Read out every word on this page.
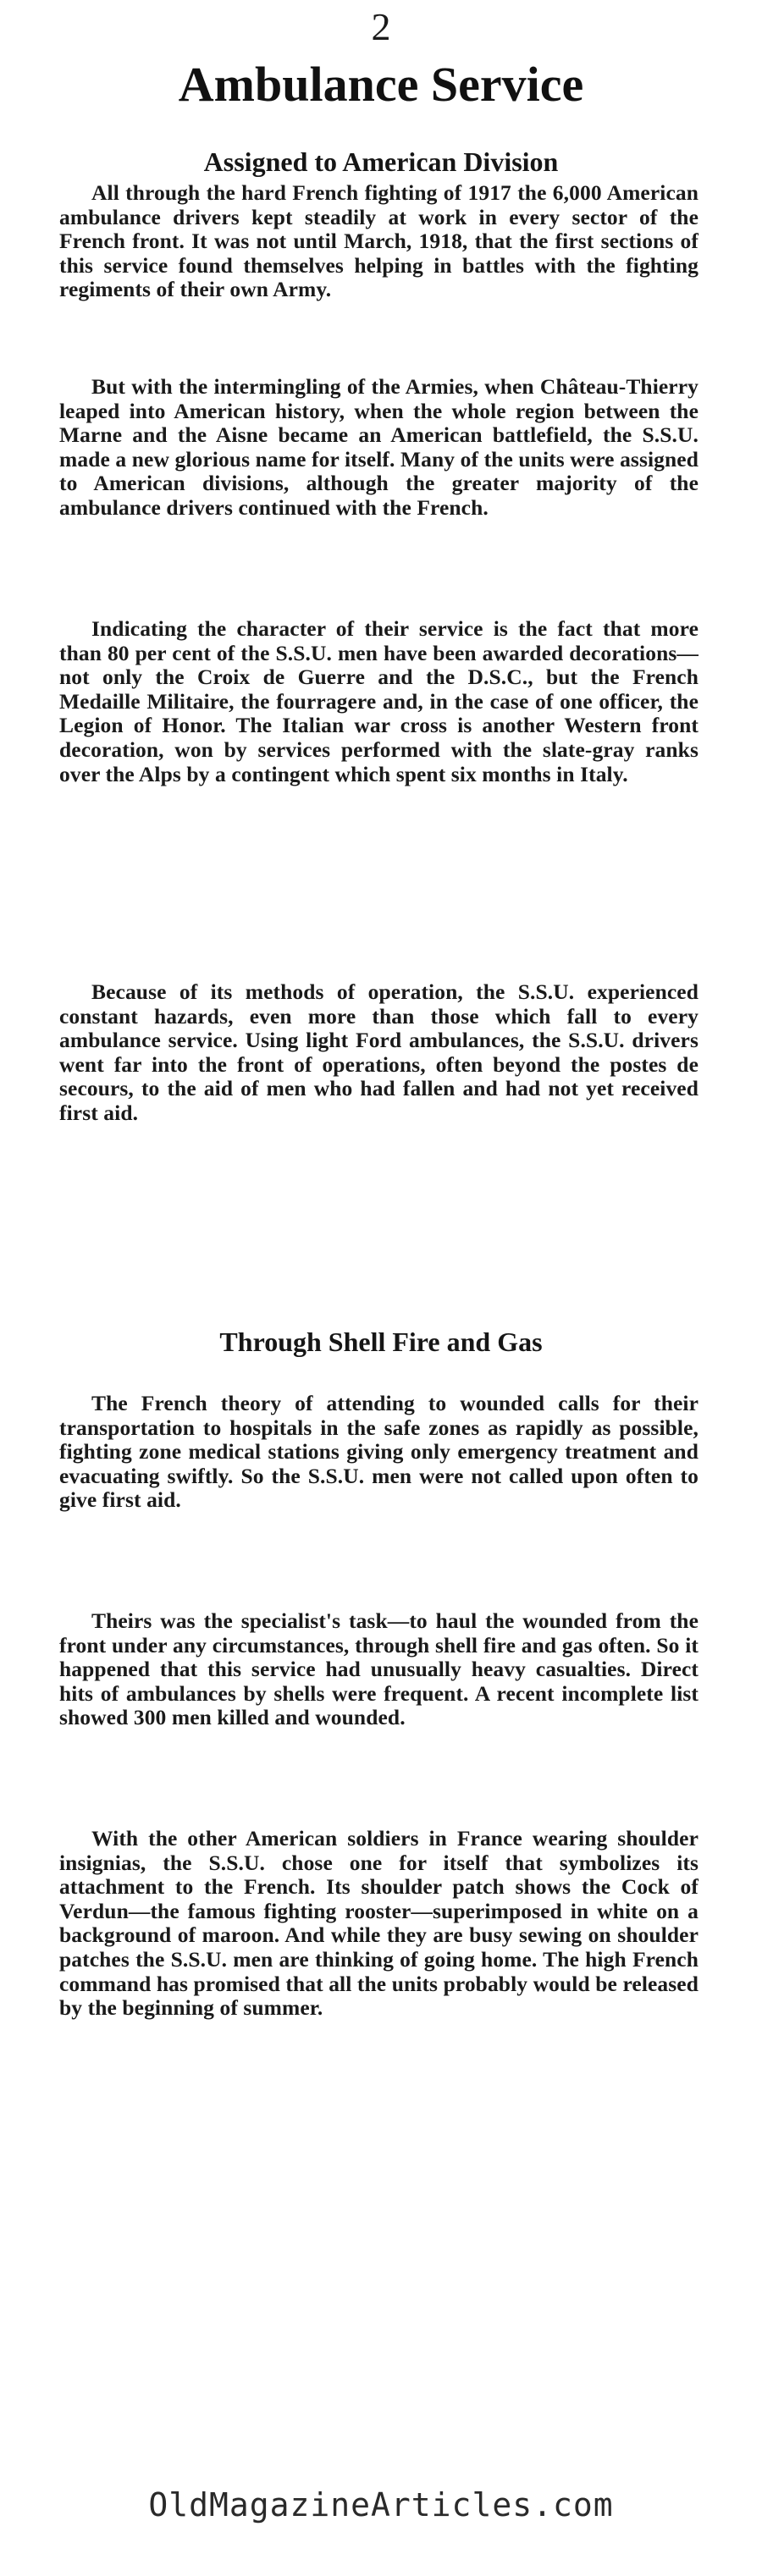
2
Ambulance Service
Assigned to American Division

All through the hard French fighting of 1917 the 6,000 American ambulance drivers kept steadily at work in every sector of the French front. It was not until March, 1918, that the first sections of this service found themselves helping in battles with the fighting regiments of their own Army.

But with the intermingling of the Armies, when Château-Thierry leaped into American history, when the whole region between the Marne and the Aisne became an American battlefield, the S.S.U. made a new glorious name for itself. Many of the units were assigned to American divisions, although the greater majority of the ambulance drivers continued with the French.

Indicating the character of their service is the fact that more than 80 per cent of the S.S.U. men have been awarded decorations—not only the Croix de Guerre and the D.S.C., but the French Medaille Militaire, the fourragere and, in the case of one officer, the Legion of Honor. The Italian war cross is another Western front decoration, won by services performed with the slate-gray ranks over the Alps by a contingent which spent six months in Italy.

Because of its methods of operation, the S.S.U. experienced constant hazards, even more than those which fall to every ambulance service. Using light Ford ambulances, the S.S.U. drivers went far into the front of operations, often beyond the postes de secours, to the aid of men who had fallen and had not yet received first aid.

Through Shell Fire and Gas

The French theory of attending to wounded calls for their transportation to hospitals in the safe zones as rapidly as possible, fighting zone medical stations giving only emergency treatment and evacuating swiftly. So the S.S.U. men were not called upon often to give first aid.

Theirs was the specialist's task—to haul the wounded from the front under any circumstances, through shell fire and gas often. So it happened that this service had unusually heavy casualties. Direct hits of ambulances by shells were frequent. A recent incomplete list showed 300 men killed and wounded.

With the other American soldiers in France wearing shoulder insignias, the S.S.U. chose one for itself that symbolizes its attachment to the French. Its shoulder patch shows the Cock of Verdun—the famous fighting rooster—superimposed in white on a background of maroon. And while they are busy sewing on shoulder patches the S.S.U. men are thinking of going home. The high French command has promised that all the units probably would be released by the beginning of summer.

OldMagazineArticles.com
